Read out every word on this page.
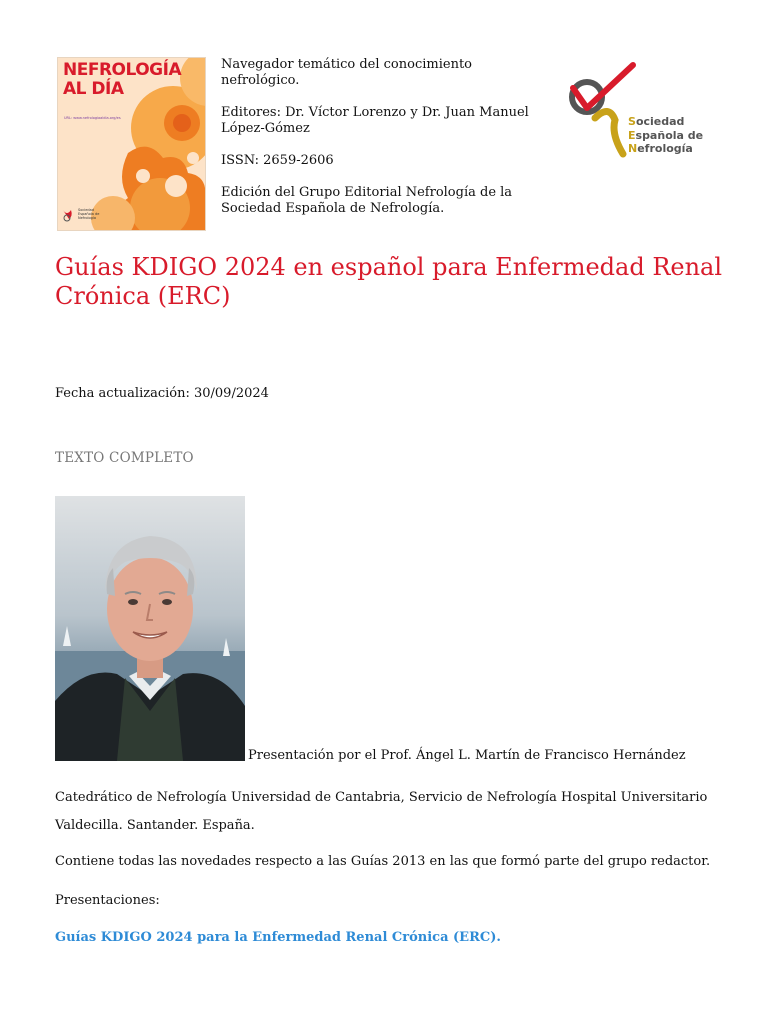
NEFROLOGÍA
AL DÍA
URL: www.nefrologiaaldia.org/es
Sociedad
Española de
Nefrología

Navegador temático del conocimiento nefrológico.

Editores: Dr. Víctor Lorenzo y Dr. Juan Manuel López-Gómez

ISSN: 2659-2606

Edición del Grupo Editorial Nefrología de la Sociedad Española de Nefrología.

Sociedad
Española de
Nefrología
Guías KDIGO 2024 en español para Enfermedad Renal Crónica (ERC)

Fecha actualización: 30/09/2024

TEXTO COMPLETO

Presentación por el Prof. Ángel L. Martín de Francisco Hernández

Catedrático de Nefrología Universidad de Cantabria, Servicio de Nefrología Hospital Universitario Valdecilla. Santander. España.

Contiene todas las novedades respecto a las Guías 2013 en las que formó parte del grupo redactor.

Presentaciones:

Guías KDIGO 2024 para la Enfermedad Renal Crónica (ERC).
